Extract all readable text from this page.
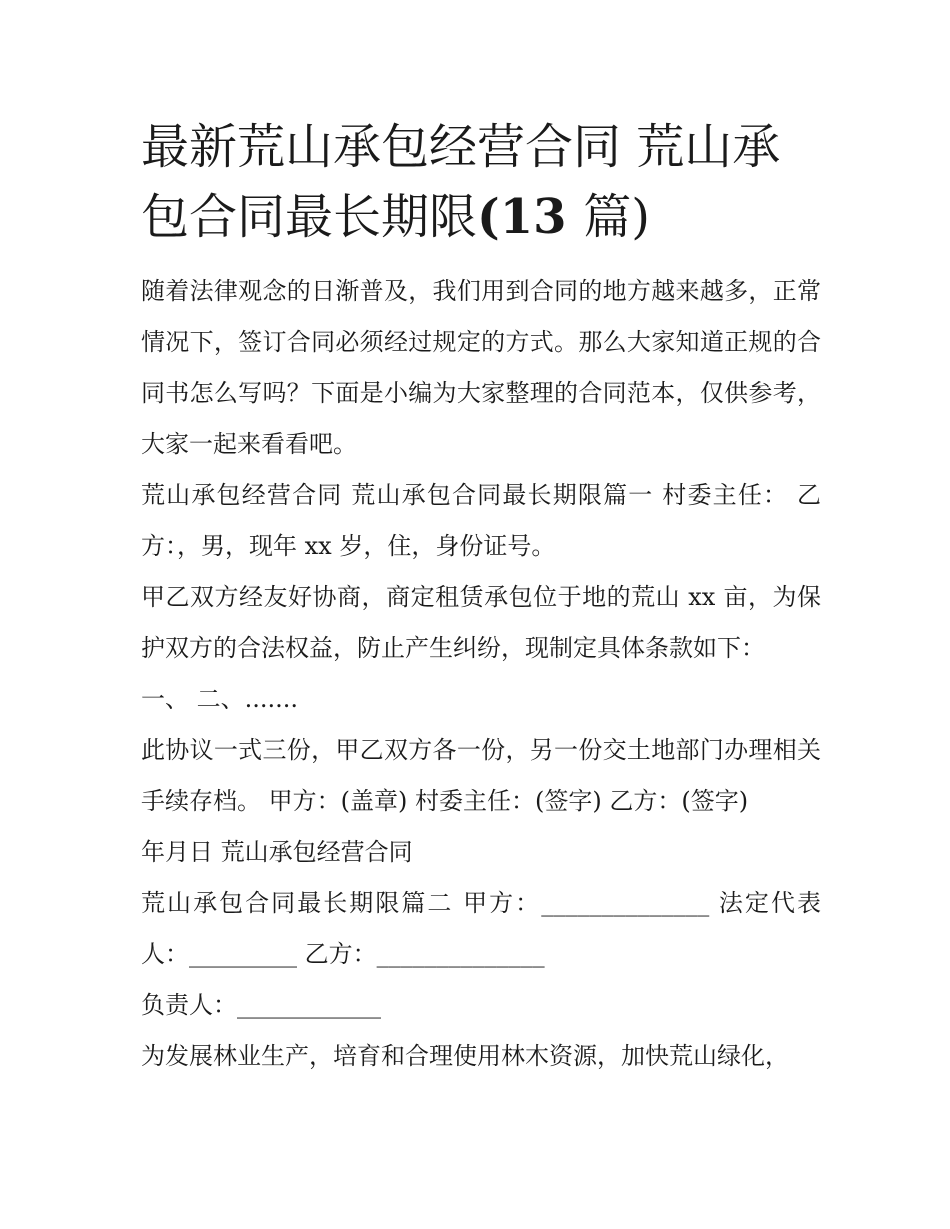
最新荒山承包经营合同 荒山承
包合同最长期限(13 篇)

随着法律观念的日渐普及，我们用到合同的地方越来越多，正常情况下，签订合同必须经过规定的方式。那么大家知道正规的合同书怎么写吗？下面是小编为大家整理的合同范本，仅供参考，大家一起来看看吧。

荒山承包经营合同 荒山承包合同最长期限篇一 村委主任： 乙方：，男，现年 xx 岁，住，身份证号。

甲乙双方经友好协商，商定租赁承包位于地的荒山 xx 亩，为保护双方的合法权益，防止产生纠纷，现制定具体条款如下：

一、 二、.......

此协议一式三份，甲乙双方各一份，另一份交土地部门办理相关手续存档。 甲方：(盖章) 村委主任：(签字) 乙方：(签字)

年月日 荒山承包经营合同

荒山承包合同最长期限篇二 甲方：______________ 法定代表人：_________ 乙方：______________

负责人：____________

为发展林业生产，培育和合理使用林木资源，加快荒山绿化，
